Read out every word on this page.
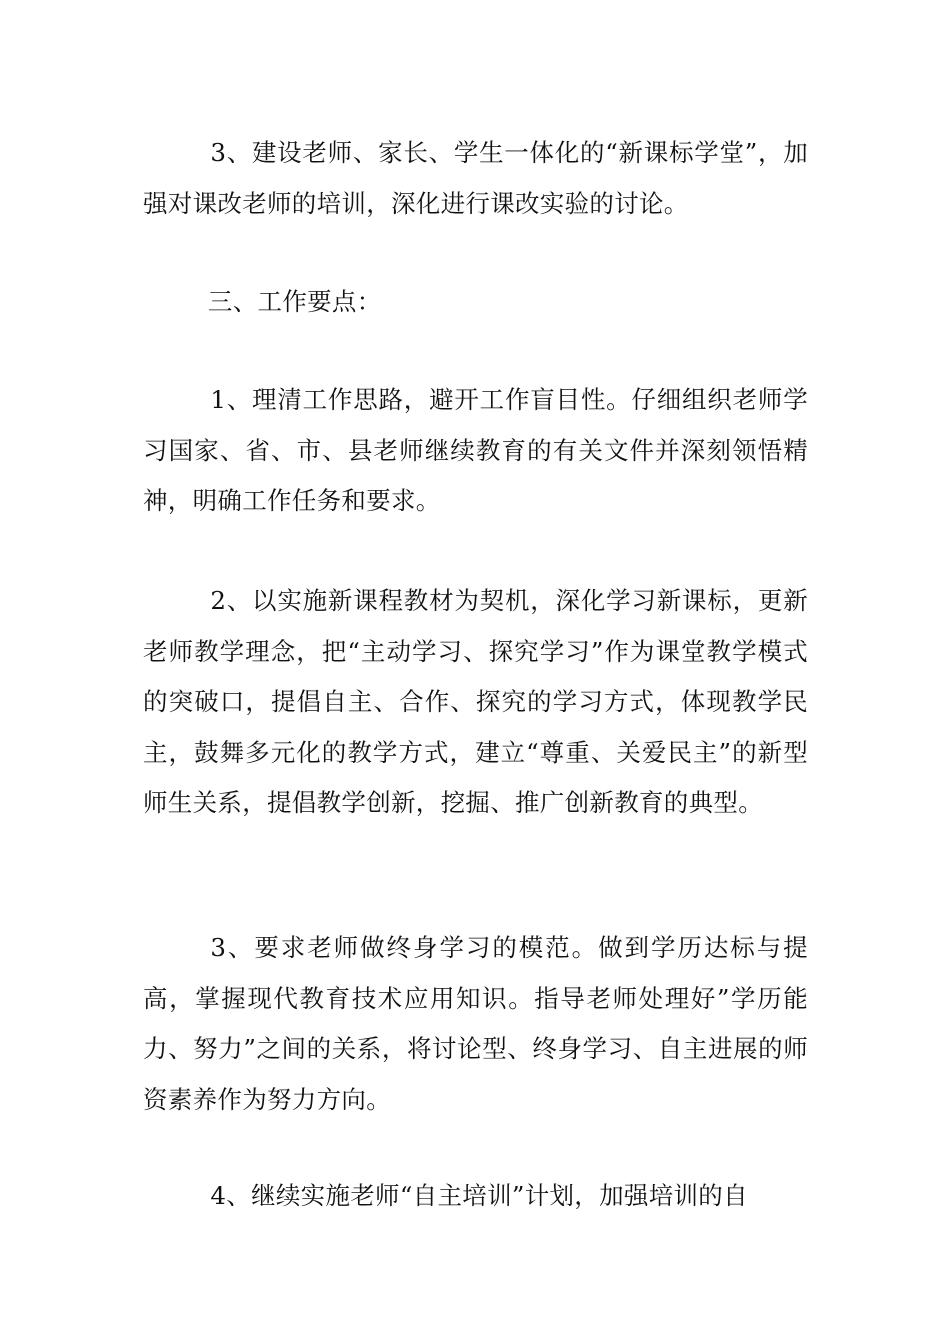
3、建设老师、家长、学生一体化的“新课标学堂”，加强对课改老师的培训，深化进行课改实验的讨论。

三、工作要点：

1、理清工作思路，避开工作盲目性。仔细组织老师学习国家、省、市、县老师继续教育的有关文件并深刻领悟精神，明确工作任务和要求。

2、以实施新课程教材为契机，深化学习新课标，更新老师教学理念，把“主动学习、探究学习”作为课堂教学模式的突破口，提倡自主、合作、探究的学习方式，体现教学民主，鼓舞多元化的教学方式，建立“尊重、关爱民主”的新型师生关系，提倡教学创新，挖掘、推广创新教育的典型。

3、要求老师做终身学习的模范。做到学历达标与提高，掌握现代教育技术应用知识。指导老师处理好”学历能力、努力”之间的关系，将讨论型、终身学习、自主进展的师资素养作为努力方向。

4、继续实施老师“自主培训”计划，加强培训的自
